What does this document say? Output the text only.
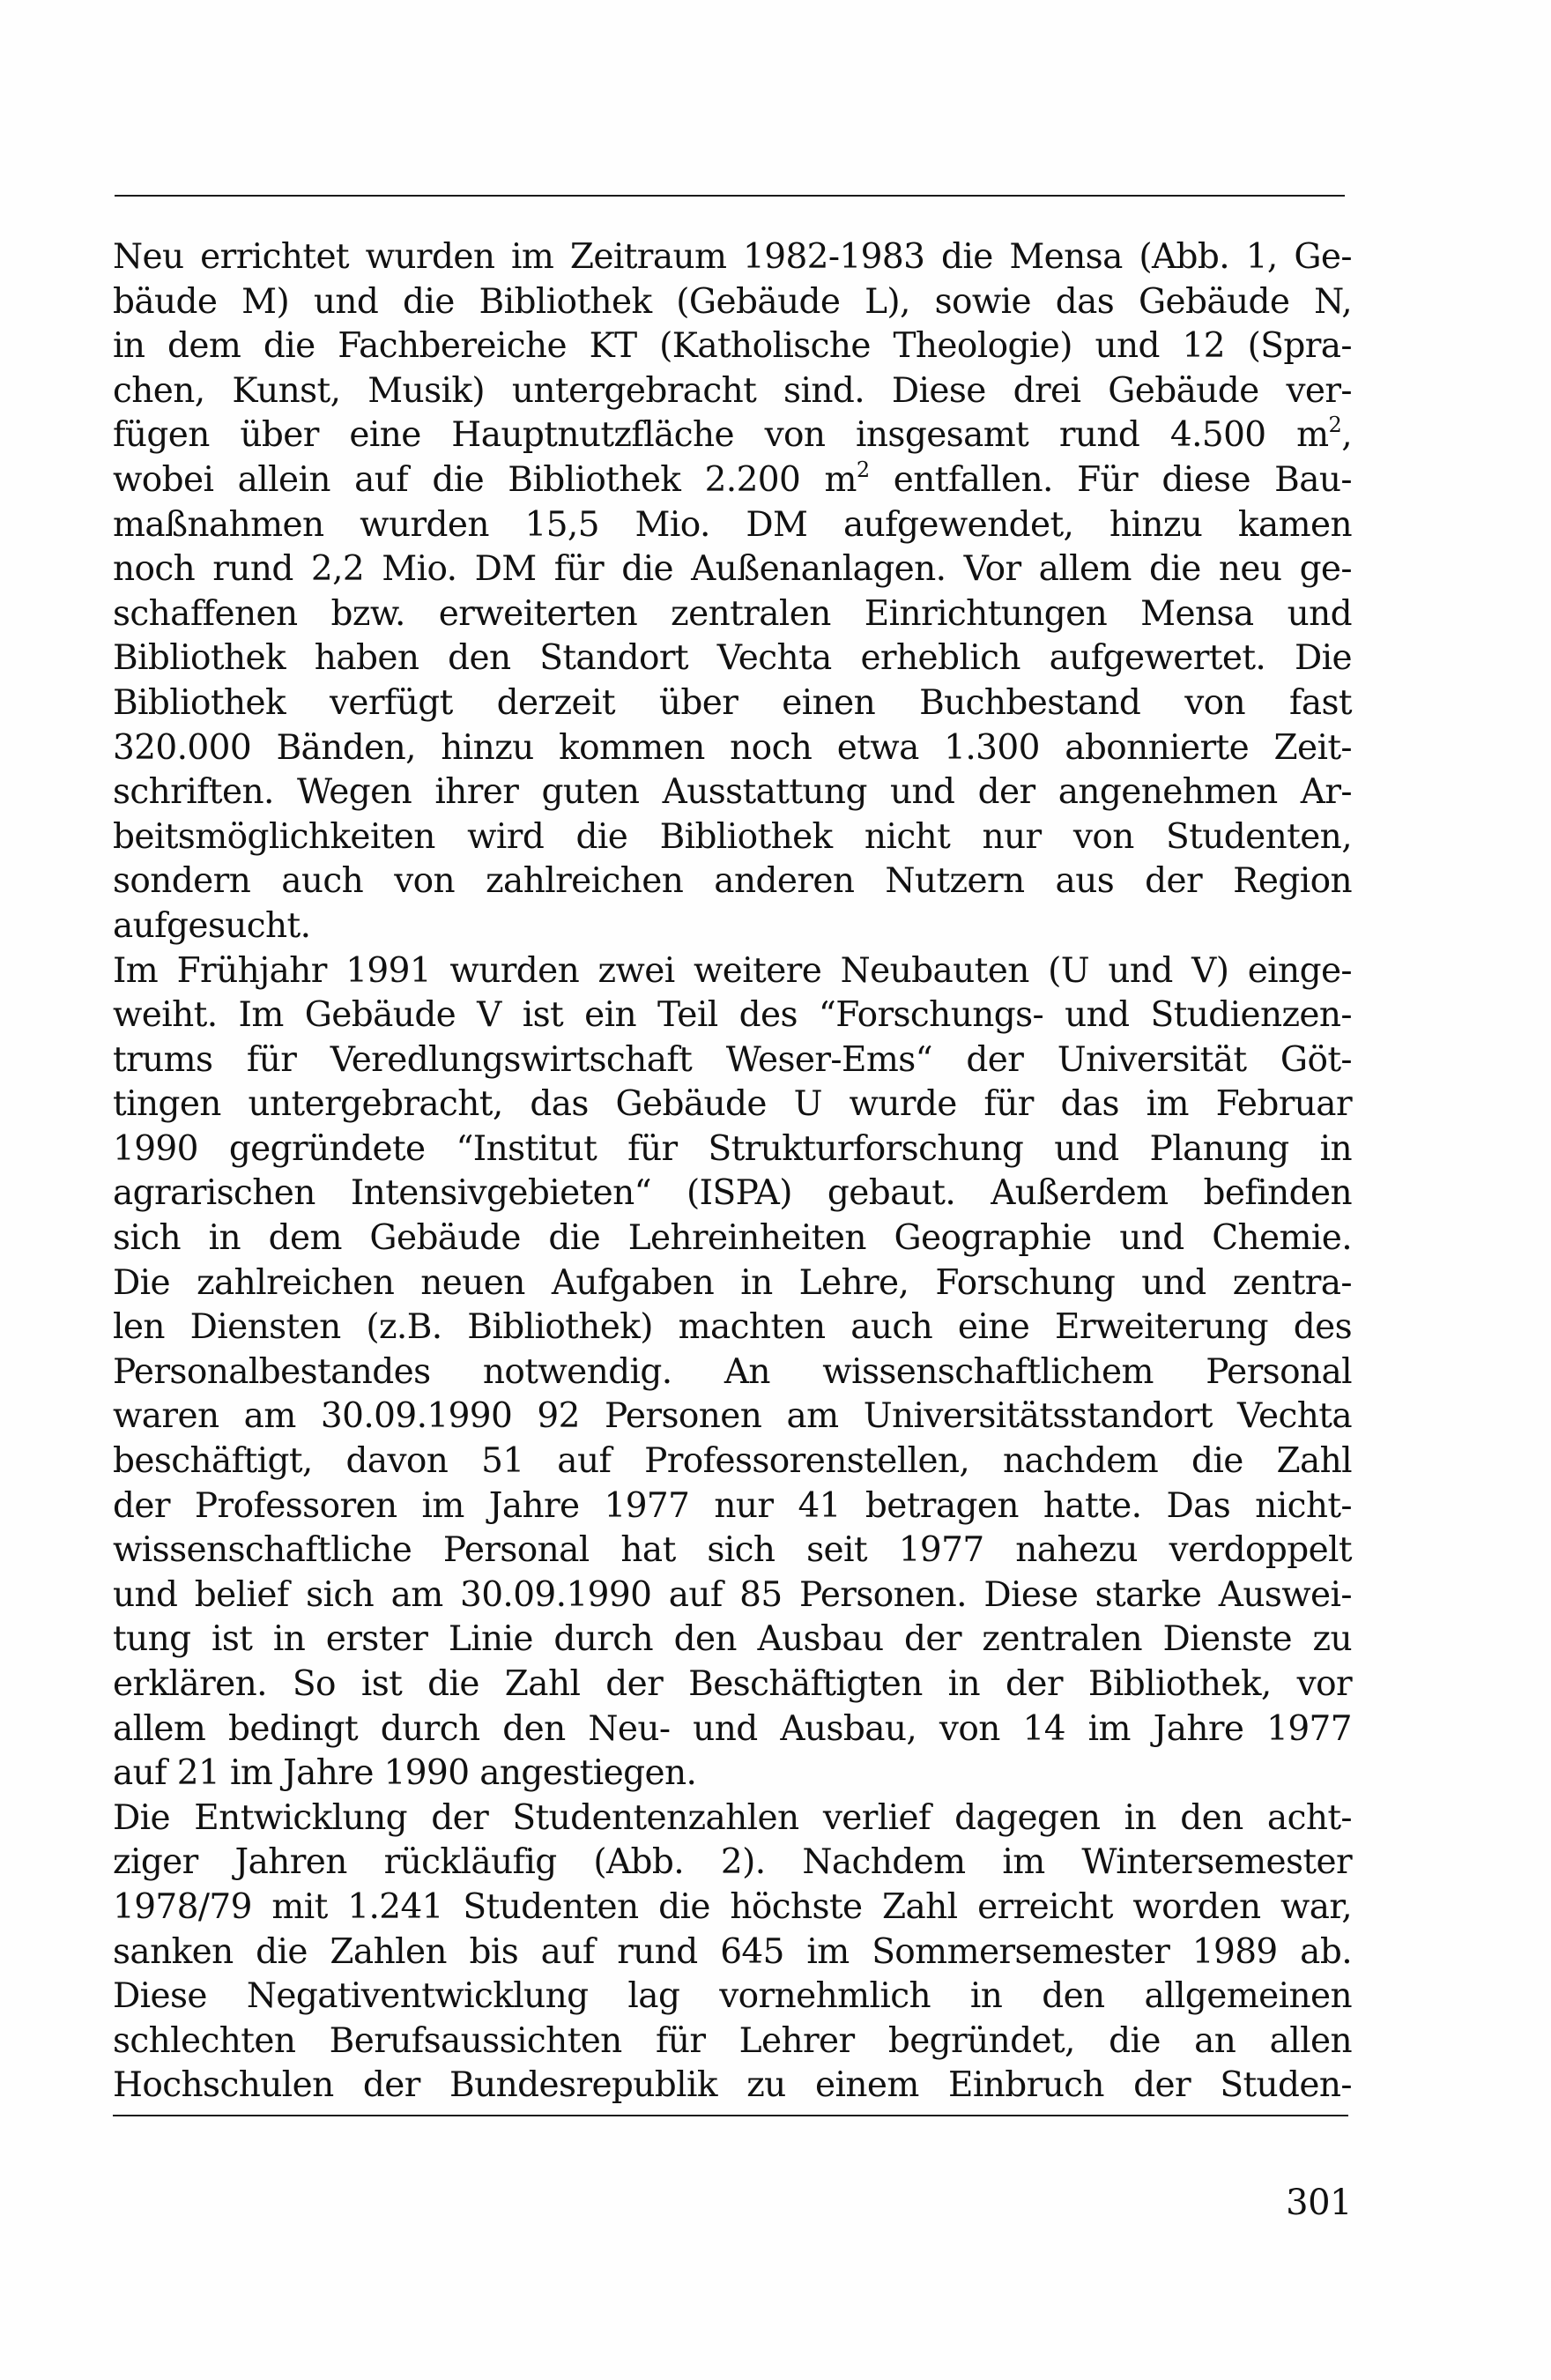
Neu errichtet wurden im Zeitraum 1982-1983 die Mensa (Abb. 1, Ge-
bäude M) und die Bibliothek (Gebäude L), sowie das Gebäude N,
in dem die Fachbereiche KT (Katholische Theologie) und 12 (Spra-
chen, Kunst, Musik) untergebracht sind. Diese drei Gebäude ver-
fügen über eine Hauptnutzfläche von insgesamt rund 4.500 $m^2$,
wobei allein auf die Bibliothek 2.200 $m^2$ entfallen. Für diese Bau-
maßnahmen wurden 15,5 Mio. DM aufgewendet, hinzu kamen
noch rund 2,2 Mio. DM für die Außenanlagen. Vor allem die neu ge-
schaffenen bzw. erweiterten zentralen Einrichtungen Mensa und
Bibliothek haben den Standort Vechta erheblich aufgewertet. Die
Bibliothek verfügt derzeit über einen Buchbestand von fast
320.000 Bänden, hinzu kommen noch etwa 1.300 abonnierte Zeit-
schriften. Wegen ihrer guten Ausstattung und der angenehmen Ar-
beitsmöglichkeiten wird die Bibliothek nicht nur von Studenten,
sondern auch von zahlreichen anderen Nutzern aus der Region
aufgesucht.
Im Frühjahr 1991 wurden zwei weitere Neubauten (U und V) einge-
weiht. Im Gebäude V ist ein Teil des “Forschungs- und Studienzen-
trums für Veredlungswirtschaft Weser-Ems“ der Universität Göt-
tingen untergebracht, das Gebäude U wurde für das im Februar
1990 gegründete “Institut für Strukturforschung und Planung in
agrarischen Intensivgebieten“ (ISPA) gebaut. Außerdem befinden
sich in dem Gebäude die Lehreinheiten Geographie und Chemie.
Die zahlreichen neuen Aufgaben in Lehre, Forschung und zentra-
len Diensten (z.B. Bibliothek) machten auch eine Erweiterung des
Personalbestandes notwendig. An wissenschaftlichem Personal
waren am 30.09.1990 92 Personen am Universitätsstandort Vechta
beschäftigt, davon 51 auf Professorenstellen, nachdem die Zahl
der Professoren im Jahre 1977 nur 41 betragen hatte. Das nicht-
wissenschaftliche Personal hat sich seit 1977 nahezu verdoppelt
und belief sich am 30.09.1990 auf 85 Personen. Diese starke Auswei-
tung ist in erster Linie durch den Ausbau der zentralen Dienste zu
erklären. So ist die Zahl der Beschäftigten in der Bibliothek, vor
allem bedingt durch den Neu- und Ausbau, von 14 im Jahre 1977
auf 21 im Jahre 1990 angestiegen.
Die Entwicklung der Studentenzahlen verlief dagegen in den acht-
ziger Jahren rückläufig (Abb. 2). Nachdem im Wintersemester
1978/79 mit 1.241 Studenten die höchste Zahl erreicht worden war,
sanken die Zahlen bis auf rund 645 im Sommersemester 1989 ab.
Diese Negativentwicklung lag vornehmlich in den allgemeinen
schlechten Berufsaussichten für Lehrer begründet, die an allen
Hochschulen der Bundesrepublik zu einem Einbruch der Studen-
301
